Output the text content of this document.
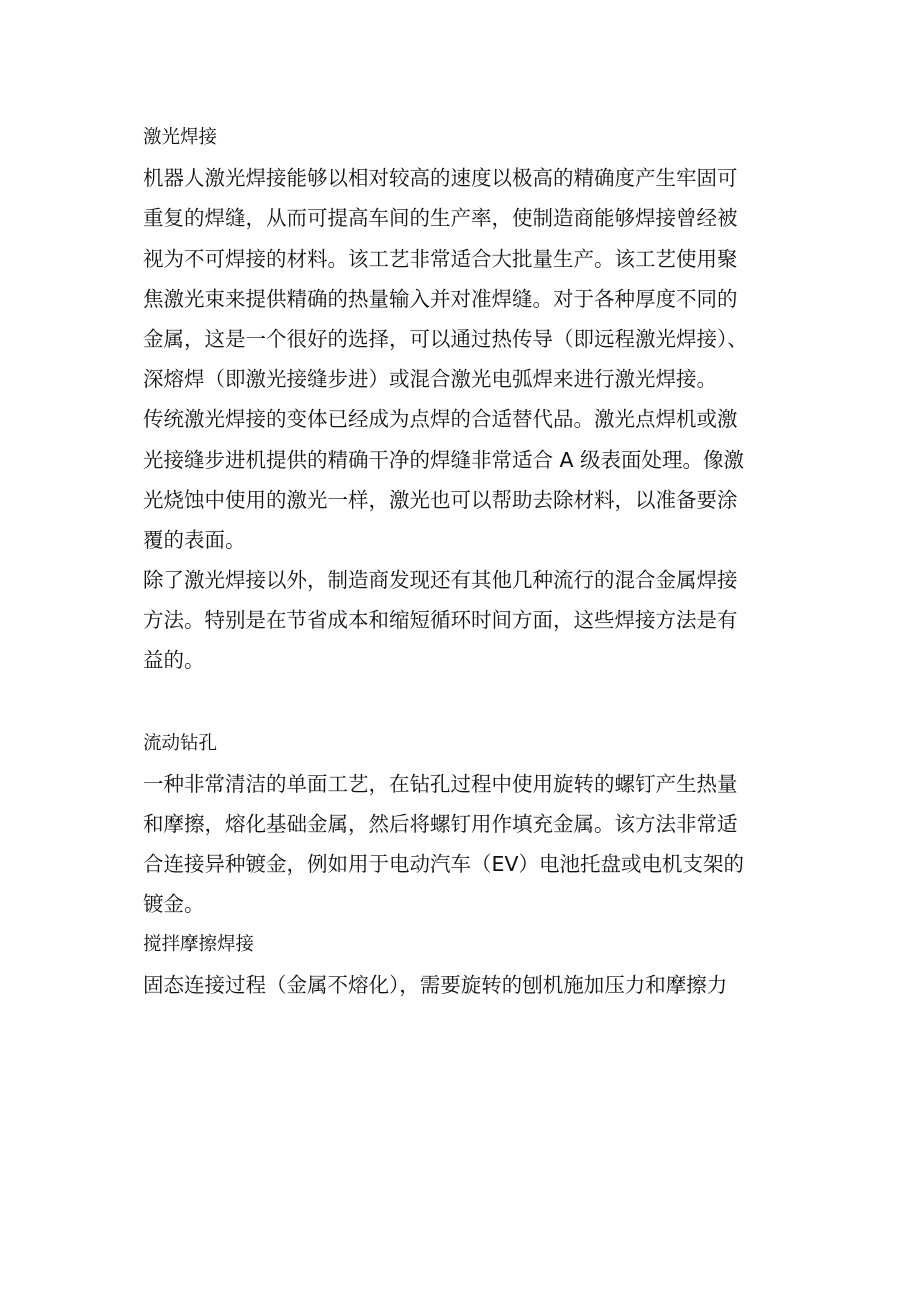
激光焊接
机器人激光焊接能够以相对较高的速度以极高的精确度产生牢固可
重复的焊缝，从而可提高车间的生产率，使制造商能够焊接曾经被
视为不可焊接的材料。该工艺非常适合大批量生产。该工艺使用聚
焦激光束来提供精确的热量输入并对准焊缝。对于各种厚度不同的
金属，这是一个很好的选择，可以通过热传导（即远程激光焊接）、
深熔焊（即激光接缝步进）或混合激光电弧焊来进行激光焊接。
传统激光焊接的变体已经成为点焊的合适替代品。激光点焊机或激
光接缝步进机提供的精确干净的焊缝非常适合 A 级表面处理。像激
光烧蚀中使用的激光一样，激光也可以帮助去除材料，以准备要涂
覆的表面。
除了激光焊接以外，制造商发现还有其他几种流行的混合金属焊接
方法。特别是在节省成本和缩短循环时间方面，这些焊接方法是有
益的。
流动钻孔
一种非常清洁的单面工艺，在钻孔过程中使用旋转的螺钉产生热量
和摩擦，熔化基础金属，然后将螺钉用作填充金属。该方法非常适
合连接异种镀金，例如用于电动汽车（EV）电池托盘或电机支架的
镀金。
搅拌摩擦焊接
固态连接过程（金属不熔化），需要旋转的刨机施加压力和摩擦力
